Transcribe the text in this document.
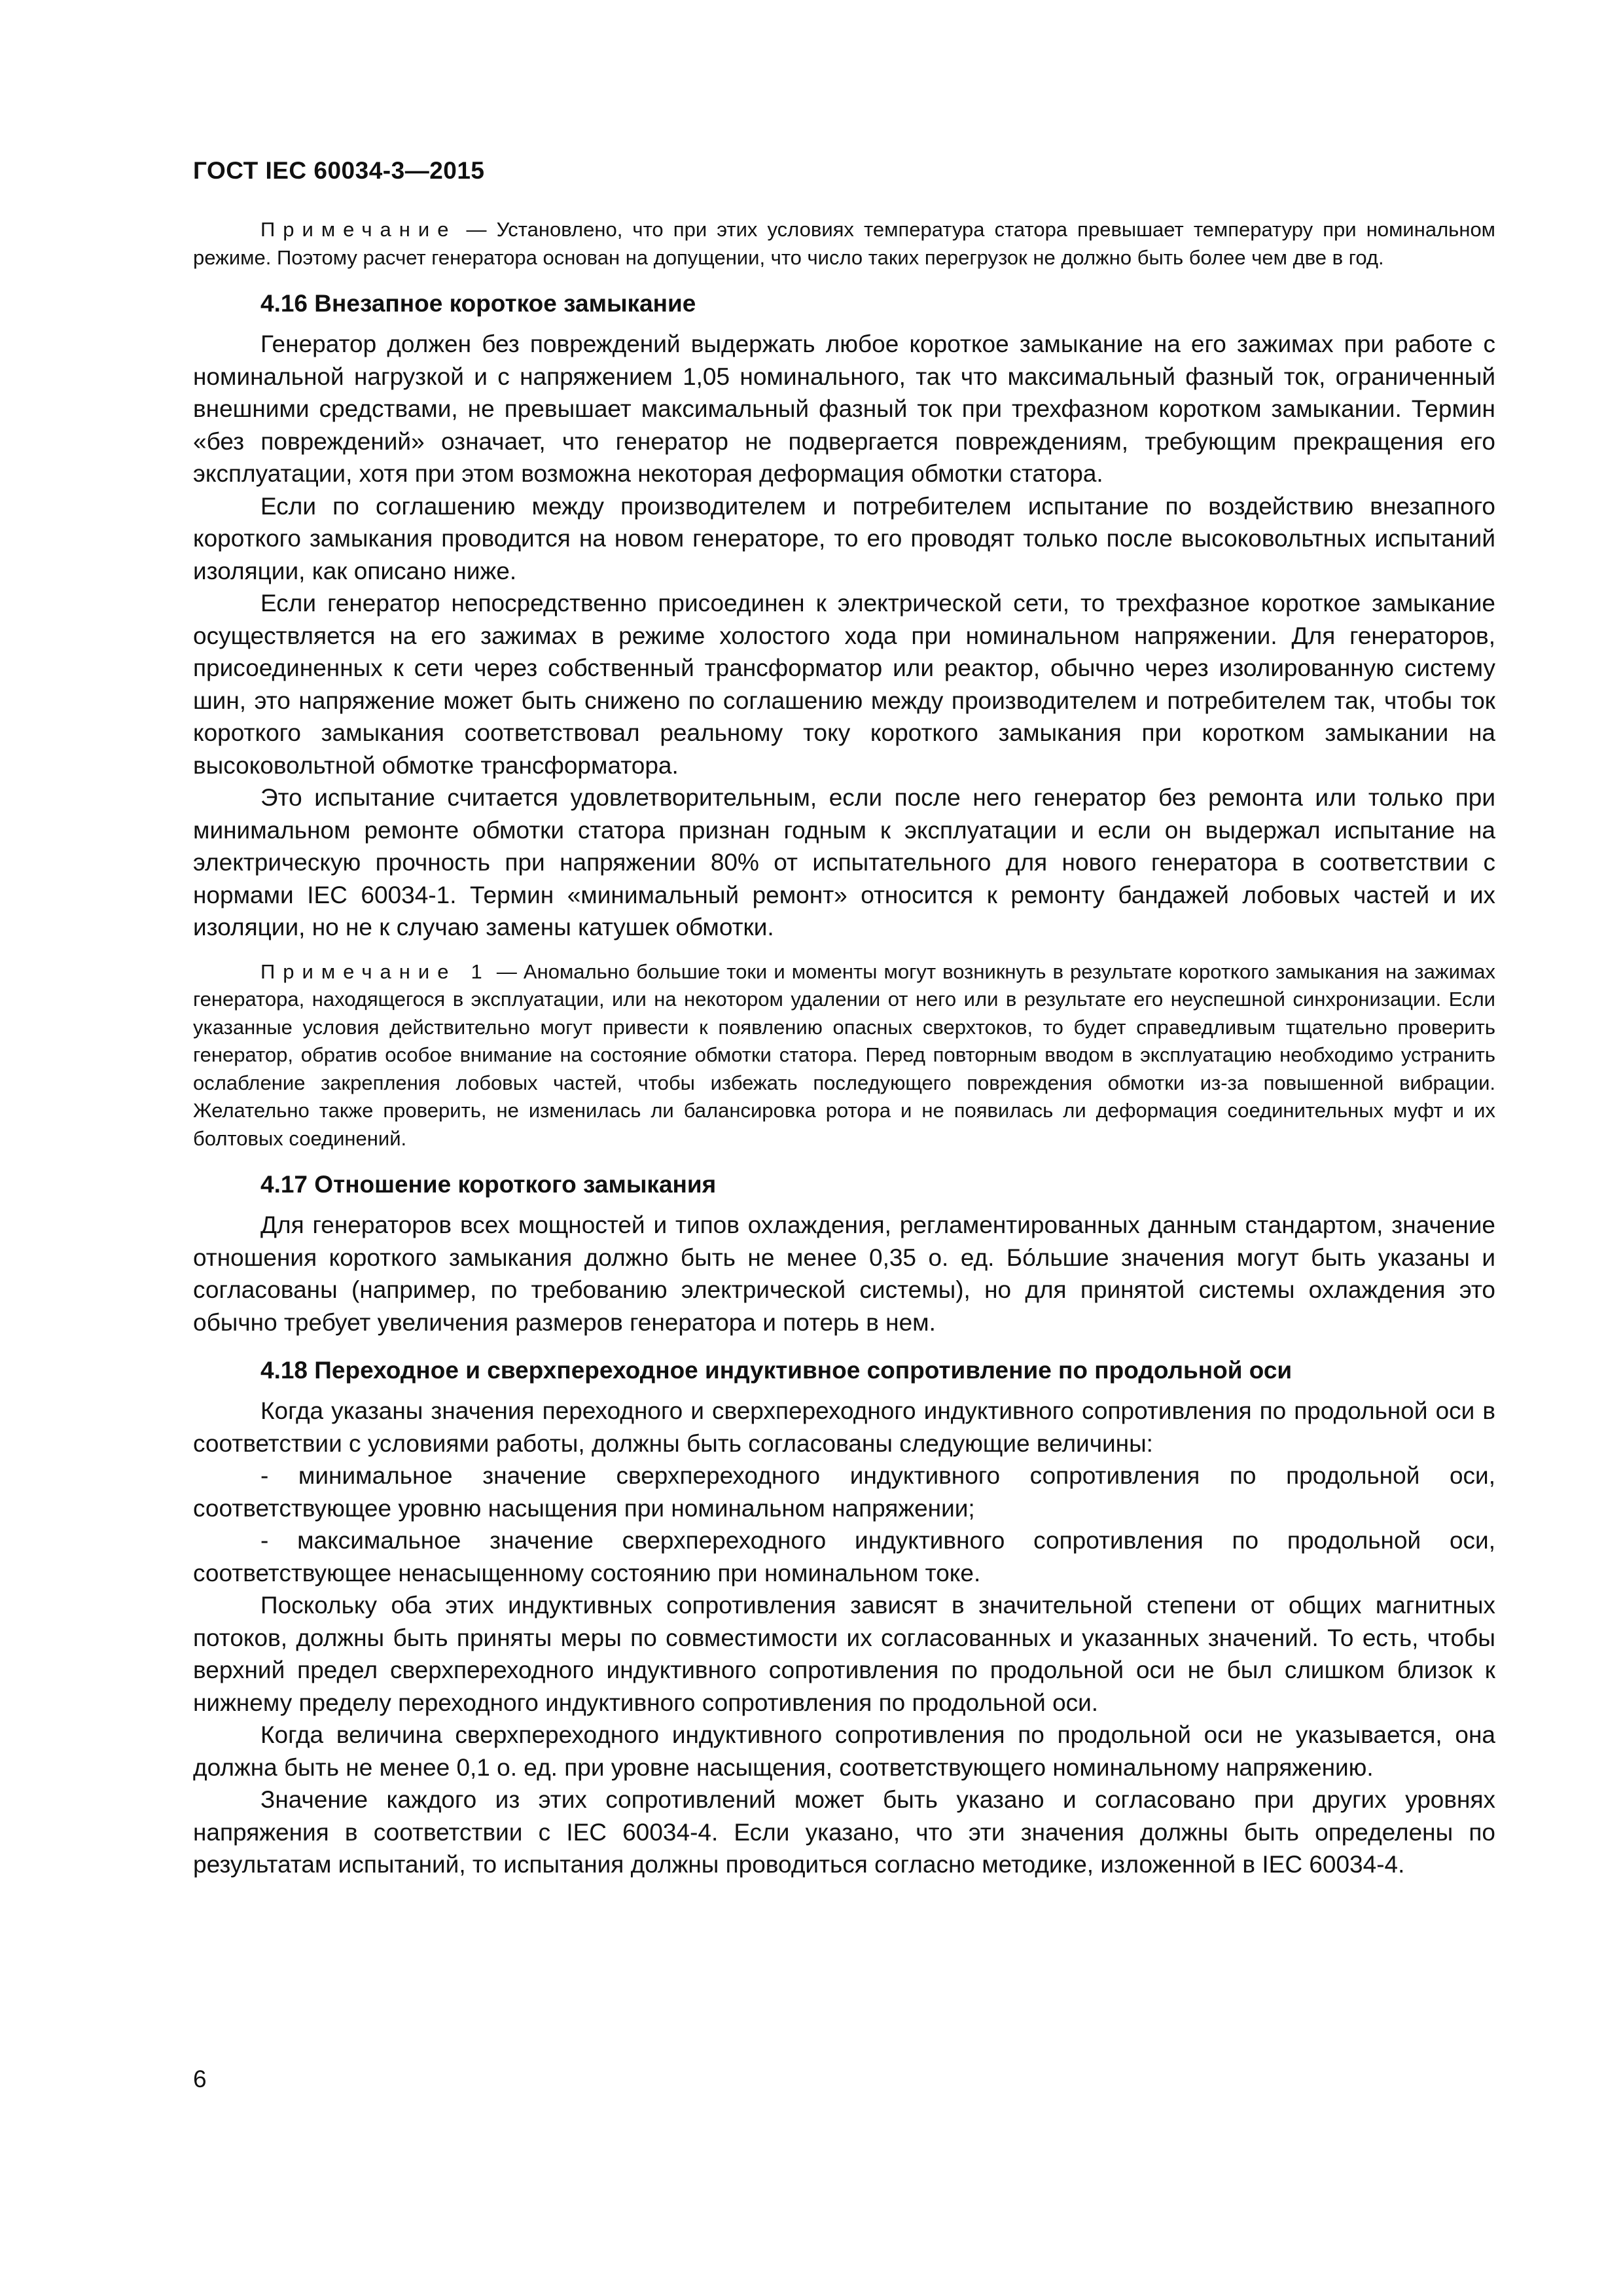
ГОСТ IEC 60034-3—2015

Примечание — Установлено, что при этих условиях температура статора превышает температуру при номинальном режиме. Поэтому расчет генератора основан на допущении, что число таких перегрузок не должно быть более чем две в год.

4.16 Внезапное короткое замыкание

Генератор должен без повреждений выдержать любое короткое замыкание на его зажимах при работе с номинальной нагрузкой и с напряжением 1,05 номинального, так что максимальный фазный ток, ограниченный внешними средствами, не превышает максимальный фазный ток при трехфазном коротком замыкании. Термин «без повреждений» означает, что генератор не подвергается повреждениям, требующим прекращения его эксплуатации, хотя при этом возможна некоторая деформация обмотки статора.

Если по соглашению между производителем и потребителем испытание по воздействию внезапного короткого замыкания проводится на новом генераторе, то его проводят только после высоковольтных испытаний изоляции, как описано ниже.

Если генератор непосредственно присоединен к электрической сети, то трехфазное короткое замыкание осуществляется на его зажимах в режиме холостого хода при номинальном напряжении. Для генераторов, присоединенных к сети через собственный трансформатор или реактор, обычно через изолированную систему шин, это напряжение может быть снижено по соглашению между производителем и потребителем так, чтобы ток короткого замыкания соответствовал реальному току короткого замыкания при коротком замыкании на высоковольтной обмотке трансформатора.

Это испытание считается удовлетворительным, если после него генератор без ремонта или только при минимальном ремонте обмотки статора признан годным к эксплуатации и если он выдержал испытание на электрическую прочность при напряжении 80% от испытательного для нового генератора в соответствии с нормами IEC 60034-1. Термин «минимальный ремонт» относится к ремонту бандажей лобовых частей и их изоляции, но не к случаю замены катушек обмотки.

Примечание 1 — Аномально большие токи и моменты могут возникнуть в результате короткого замыкания на зажимах генератора, находящегося в эксплуатации, или на некотором удалении от него или в результате его неуспешной синхронизации. Если указанные условия действительно могут привести к появлению опасных сверхтоков, то будет справедливым тщательно проверить генератор, обратив особое внимание на состояние обмотки статора. Перед повторным вводом в эксплуатацию необходимо устранить ослабление закрепления лобовых частей, чтобы избежать последующего повреждения обмотки из-за повышенной вибрации. Желательно также проверить, не изменилась ли балансировка ротора и не появилась ли деформация соединительных муфт и их болтовых соединений.

4.17 Отношение короткого замыкания

Для генераторов всех мощностей и типов охлаждения, регламентированных данным стандартом, значение отношения короткого замыкания должно быть не менее 0,35 о. ед. Бо́льшие значения могут быть указаны и согласованы (например, по требованию электрической системы), но для принятой системы охлаждения это обычно требует увеличения размеров генератора и потерь в нем.

4.18 Переходное и сверхпереходное индуктивное сопротивление по продольной оси

Когда указаны значения переходного и сверхпереходного индуктивного сопротивления по продольной оси в соответствии с условиями работы, должны быть согласованы следующие величины:

- минимальное значение сверхпереходного индуктивного сопротивления по продольной оси, соответствующее уровню насыщения при номинальном напряжении;

- максимальное значение сверхпереходного индуктивного сопротивления по продольной оси, соответствующее ненасыщенному состоянию при номинальном токе.

Поскольку оба этих индуктивных сопротивления зависят в значительной степени от общих магнитных потоков, должны быть приняты меры по совместимости их согласованных и указанных значений. То есть, чтобы верхний предел сверхпереходного индуктивного сопротивления по продольной оси не был слишком близок к нижнему пределу переходного индуктивного сопротивления по продольной оси.

Когда величина сверхпереходного индуктивного сопротивления по продольной оси не указывается, она должна быть не менее 0,1 о. ед. при уровне насыщения, соответствующего номинальному напряжению.

Значение каждого из этих сопротивлений может быть указано и согласовано при других уровнях напряжения в соответствии с IEC 60034-4. Если указано, что эти значения должны быть определены по результатам испытаний, то испытания должны проводиться согласно методике, изложенной в IEC 60034-4.

6
